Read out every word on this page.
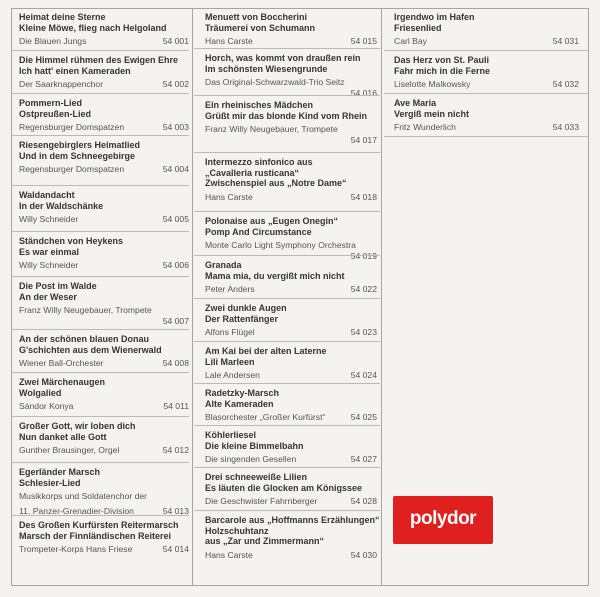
Heimat deine Sterne
Kleine Möwe, flieg nach Helgoland
Die Blauen Jungs	54 001
Die Himmel rühmen des Ewigen Ehre
Ich hatt' einen Kameraden
Der Saarknappenchor	54 002
Pommern-Lied
Ostpreußen-Lied
Regensburger Domspatzen	54 003
Riesengebirglers Heimatlied
Und in dem Schneegebirge
Regensburger Domspatzen	54 004
Waldandacht
In der Waldschänke
Willy Schneider	54 005
Ständchen von Heykens
Es war einmal
Willy Schneider	54 006
Die Post im Walde
An der Weser
Franz Willy Neugebauer, Trompete
54 007
An der schönen blauen Donau
G'schichten aus dem Wienerwald
Wiener Ball-Orchester	54 008
Zwei Märchenaugen
Wolgalied
Sándor Konya	54 011
Großer Gott, wir loben dich
Nun danket alle Gott
Gunther Brausinger, Orgel	54 012
Egerländer Marsch
Schlesier-Lied
Musikkorps und Soldatenchor der
11. Panzer-Grenadier-Division	54 013
Des Großen Kurfürsten Reitermarsch
Marsch der Finnländischen Reiterei
Trompeter-Korps Hans Friese	54 014
Menuett von Boccherini
Träumerei von Schumann
Hans Carste	54 015
Horch, was kommt von draußen rein
Im schönsten Wiesengrunde
Das Original-Schwarzwald-Trio Seitz
54 016
Ein rheinisches Mädchen
Grüßt mir das blonde Kind vom Rhein
Franz Willy Neugebauer, Trompete
54 017
Intermezzo sinfonico aus
„Cavalleria rusticana“
Zwischenspiel aus „Notre Dame“
Hans Carste	54 018
Polonaise aus „Eugen Onegin“
Pomp And Circumstance
Monte Carlo Light Symphony Orchestra
54 019
Granada
Mama mia, du vergißt mich nicht
Peter Anders	54 022
Zwei dunkle Augen
Der Rattenfänger
Alfons Flügel	54 023
Am Kai bei der alten Laterne
Lili Marleen
Lale Andersen	54 024
Radetzky-Marsch
Alte Kameraden
Blasorchester „Großer Kurfürst“	54 025
Köhlerliesel
Die kleine Bimmelbahn
Die singenden Gesellen	54 027
Drei schneeweiße Lilien
Es läuten die Glocken am Königssee
Die Geschwister Fahrnberger	54 028
Barcarole aus „Hoffmanns Erzählungen“
Holzschuhtanz
aus „Zar und Zimmermann“
Hans Carste	54 030
Irgendwo im Hafen
Friesenlied
Carl Bay	54 031
Das Herz von St. Pauli
Fahr mich in die Ferne
Liselotte Malkowsky	54 032
Ave Maria
Vergiß mein nicht
Fritz Wunderlich	54 033
polydor
